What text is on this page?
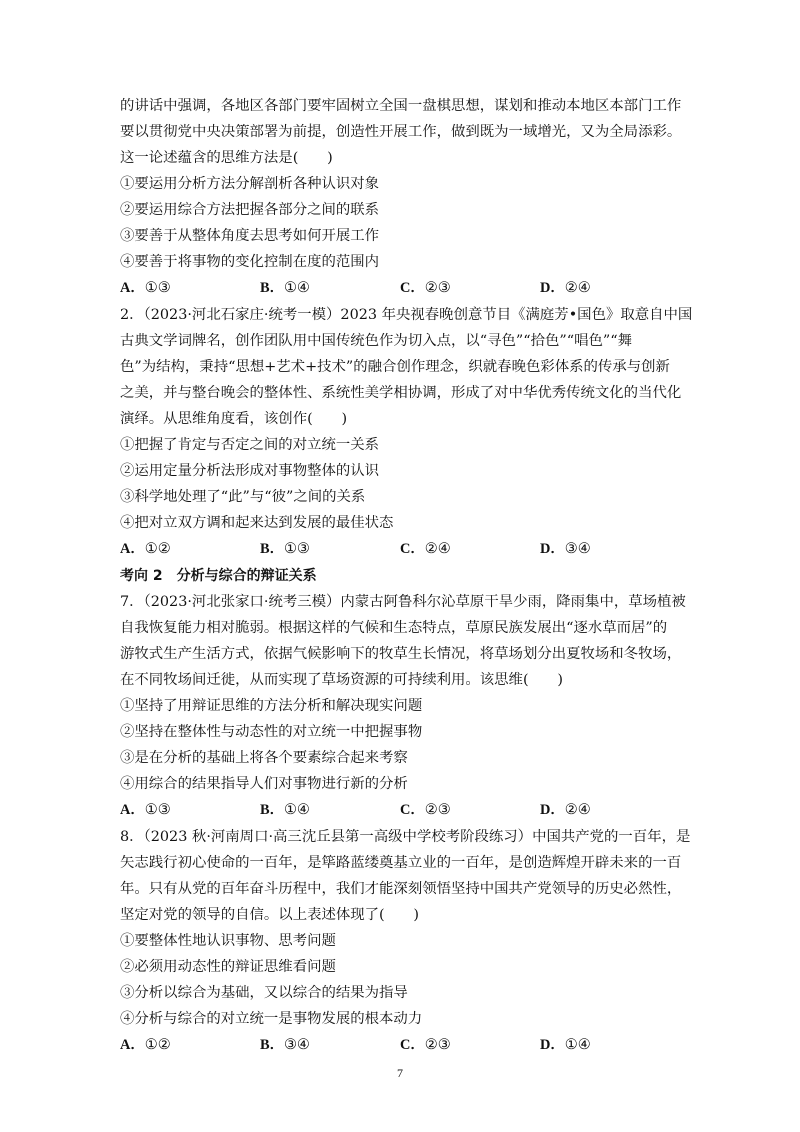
的讲话中强调，各地区各部门要牢固树立全国一盘棋思想，谋划和推动本地区本部门工作
要以贯彻党中央决策部署为前提，创造性开展工作，做到既为一域增光，又为全局添彩。
这一论述蕴含的思维方法是(　　)
①要运用分析方法分解剖析各种认识对象
②要运用综合方法把握各部分之间的联系
③要善于从整体角度去思考如何开展工作
④要善于将事物的变化控制在度的范围内
A．①③	B．①④	C．②③	D．②④
2．（2023·河北石家庄·统考一模）2023 年央视春晚创意节目《满庭芳•国色》取意自中国
古典文学词牌名，创作团队用中国传统色作为切入点，以“寻色”“拾色”“唱色”“舞
色”为结构，秉持“思想+艺术+技术”的融合创作理念，织就春晚色彩体系的传承与创新
之美，并与整台晚会的整体性、系统性美学相协调，形成了对中华优秀传统文化的当代化
演绎。从思维角度看，该创作(　　)
①把握了肯定与否定之间的对立统一关系
②运用定量分析法形成对事物整体的认识
③科学地处理了“此”与“彼”之间的关系
④把对立双方调和起来达到发展的最佳状态
A．①②	B．①③	C．②④	D．③④
考向 2　分析与综合的辩证关系
7．（2023·河北张家口·统考三模）内蒙古阿鲁科尔沁草原干旱少雨，降雨集中，草场植被
自我恢复能力相对脆弱。根据这样的气候和生态特点，草原民族发展出“逐水草而居”的
游牧式生产生活方式，依据气候影响下的牧草生长情况，将草场划分出夏牧场和冬牧场，
在不同牧场间迁徙，从而实现了草场资源的可持续利用。该思维(　　)
①坚持了用辩证思维的方法分析和解决现实问题
②坚持在整体性与动态性的对立统一中把握事物
③是在分析的基础上将各个要素综合起来考察
④用综合的结果指导人们对事物进行新的分析
A．①③	B．①④	C．②③	D．②④
8．（2023 秋·河南周口·高三沈丘县第一高级中学校考阶段练习）中国共产党的一百年，是
矢志践行初心使命的一百年，是筚路蓝缕奠基立业的一百年，是创造辉煌开辟未来的一百
年。只有从党的百年奋斗历程中，我们才能深刻领悟坚持中国共产党领导的历史必然性，
坚定对党的领导的自信。以上表述体现了(　　)
①要整体性地认识事物、思考问题
②必须用动态性的辩证思维看问题
③分析以综合为基础，又以综合的结果为指导
④分析与综合的对立统一是事物发展的根本动力
A．①②	B．③④	C．②③	D．①④
7
